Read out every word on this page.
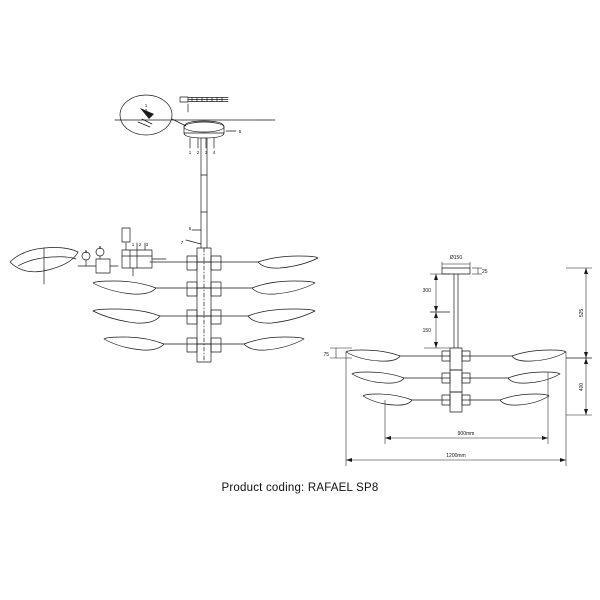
1 2 3 4
5
6
7
8
9
1 2 3
1
2
Ø150
25
300
150
75
525
400
900mm
1200mm
Product coding: RAFAEL SP8
